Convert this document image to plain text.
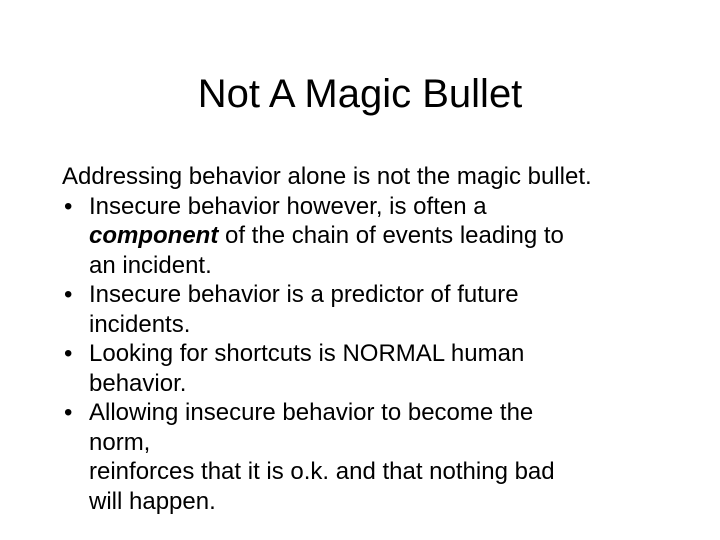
Not A Magic Bullet

Addressing behavior alone is not the magic bullet.

• Insecure behavior however, is often a
component of the chain of events leading to
an incident.
• Insecure behavior is a predictor of future
incidents.
• Looking for shortcuts is NORMAL human
behavior.
• Allowing insecure behavior to become the
norm,
reinforces that it is o.k. and that nothing bad
will happen.
